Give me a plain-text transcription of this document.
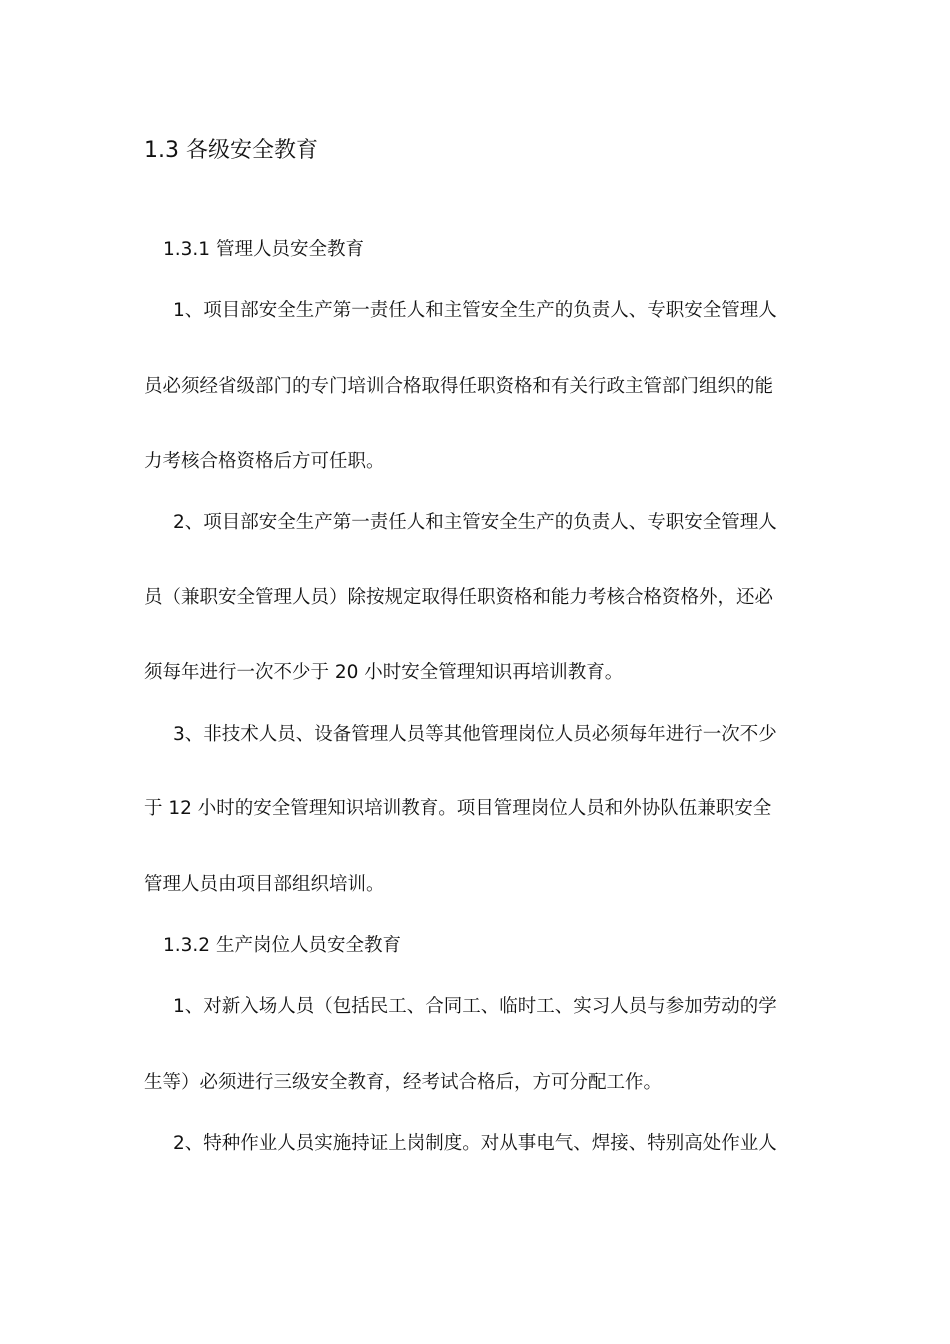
1.3 各级安全教育
1.3.1 管理人员安全教育
1、项目部安全生产第一责任人和主管安全生产的负责人、专职安全管理人
员必须经省级部门的专门培训合格取得任职资格和有关行政主管部门组织的能
力考核合格资格后方可任职。
2、项目部安全生产第一责任人和主管安全生产的负责人、专职安全管理人
员（兼职安全管理人员）除按规定取得任职资格和能力考核合格资格外，还必
须每年进行一次不少于 20 小时安全管理知识再培训教育。
3、非技术人员、设备管理人员等其他管理岗位人员必须每年进行一次不少
于 12 小时的安全管理知识培训教育。项目管理岗位人员和外协队伍兼职安全
管理人员由项目部组织培训。
1.3.2 生产岗位人员安全教育
1、对新入场人员（包括民工、合同工、临时工、实习人员与参加劳动的学
生等）必须进行三级安全教育，经考试合格后，方可分配工作。
2、特种作业人员实施持证上岗制度。对从事电气、焊接、特别高处作业人
